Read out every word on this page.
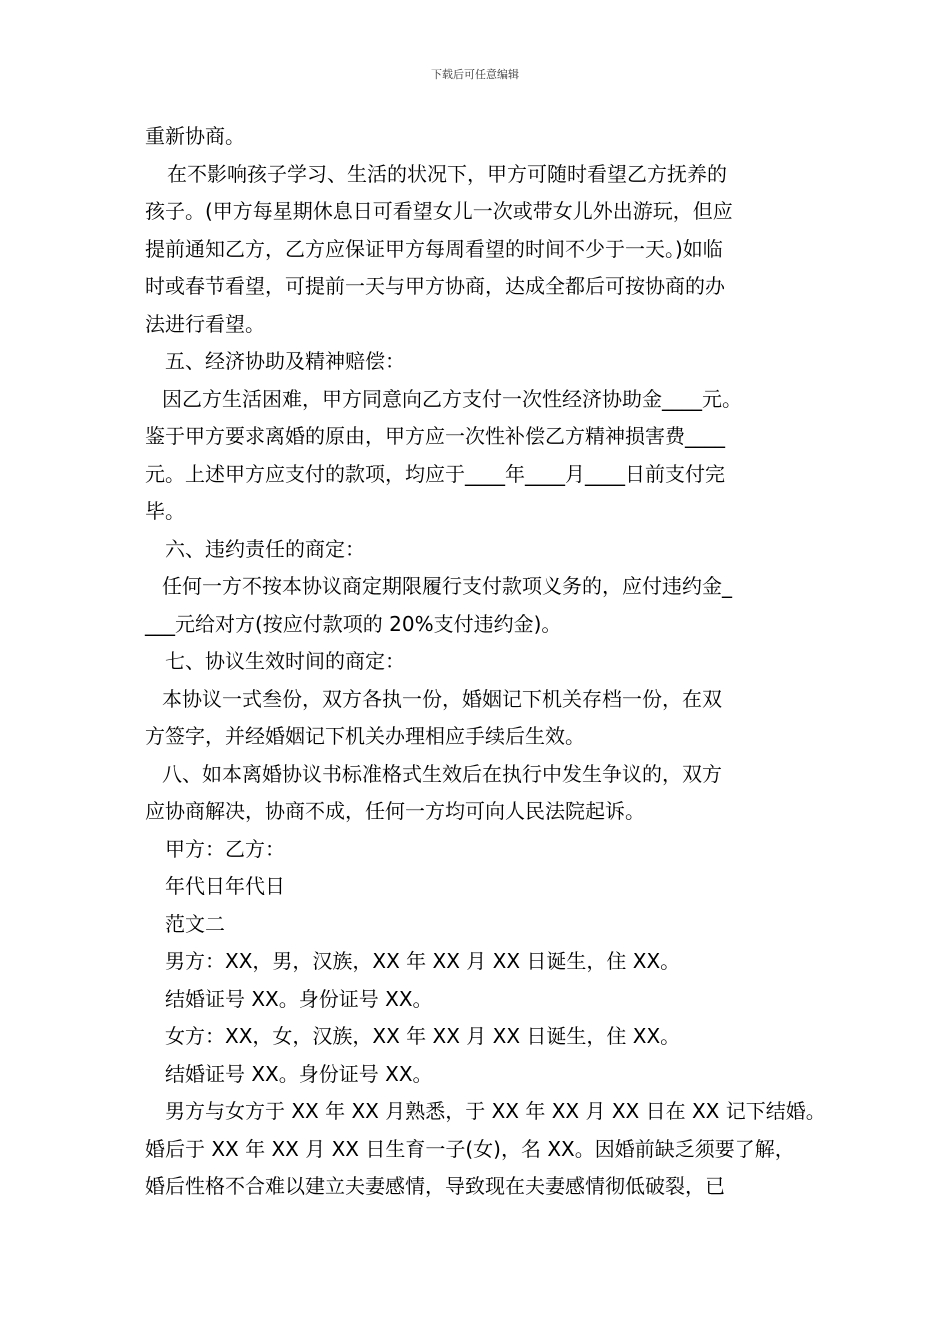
下载后可任意编辑
重新协商。
在不影响孩子学习、生活的状况下，甲方可随时看望乙方抚养的
孩子。(甲方每星期休息日可看望女儿一次或带女儿外出游玩，但应
提前通知乙方，乙方应保证甲方每周看望的时间不少于一天。)如临
时或春节看望，可提前一天与甲方协商，达成全都后可按协商的办
法进行看望。
五、经济协助及精神赔偿：
因乙方生活困难，甲方同意向乙方支付一次性经济协助金____元。
鉴于甲方要求离婚的原由，甲方应一次性补偿乙方精神损害费____
元。上述甲方应支付的款项，均应于____年____月____日前支付完
毕。
六、违约责任的商定：
任何一方不按本协议商定期限履行支付款项义务的，应付违约金_
___元给对方(按应付款项的 20%支付违约金)。
七、协议生效时间的商定：
本协议一式叁份，双方各执一份，婚姻记下机关存档一份，在双
方签字，并经婚姻记下机关办理相应手续后生效。
八、如本离婚协议书标准格式生效后在执行中发生争议的，双方
应协商解决，协商不成，任何一方均可向人民法院起诉。
甲方：乙方：
年代日年代日
范文二
男方：XX，男，汉族，XX 年 XX 月 XX 日诞生，住 XX。
结婚证号 XX。身份证号 XX。
女方：XX，女，汉族，XX 年 XX 月 XX 日诞生，住 XX。
结婚证号 XX。身份证号 XX。
男方与女方于 XX 年 XX 月熟悉，于 XX 年 XX 月 XX 日在 XX 记下结婚。
婚后于 XX 年 XX 月 XX 日生育一子(女)，名 XX。因婚前缺乏须要了解，
婚后性格不合难以建立夫妻感情，导致现在夫妻感情彻低破裂，已
